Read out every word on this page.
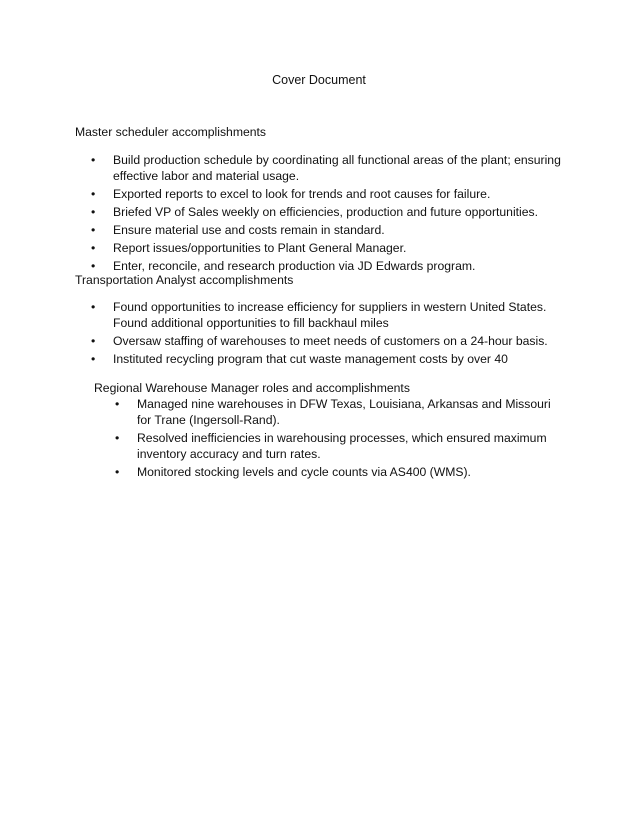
Cover Document
Master scheduler accomplishments
•	Build production schedule by coordinating all functional areas of the plant; ensuring effective labor and material usage.
•	Exported reports to excel to look for trends and root causes for failure.
•	Briefed VP of Sales weekly on efficiencies, production and future opportunities.
•	Ensure material use and costs remain in standard.
•	Report issues/opportunities to Plant General Manager.
•	Enter, reconcile, and research production via JD Edwards program.
Transportation Analyst accomplishments
•	Found opportunities to increase efficiency for suppliers in western United States. Found additional opportunities to fill backhaul miles
•	Oversaw staffing of warehouses to meet needs of customers on a 24-hour basis.
•	Instituted recycling program that cut waste management costs by over 40
Regional Warehouse Manager roles and accomplishments
•	Managed nine warehouses in DFW Texas, Louisiana, Arkansas and Missouri for Trane (Ingersoll-Rand).
•	Resolved inefficiencies in warehousing processes, which ensured maximum inventory accuracy and turn rates.
•	Monitored stocking levels and cycle counts via AS400 (WMS).
